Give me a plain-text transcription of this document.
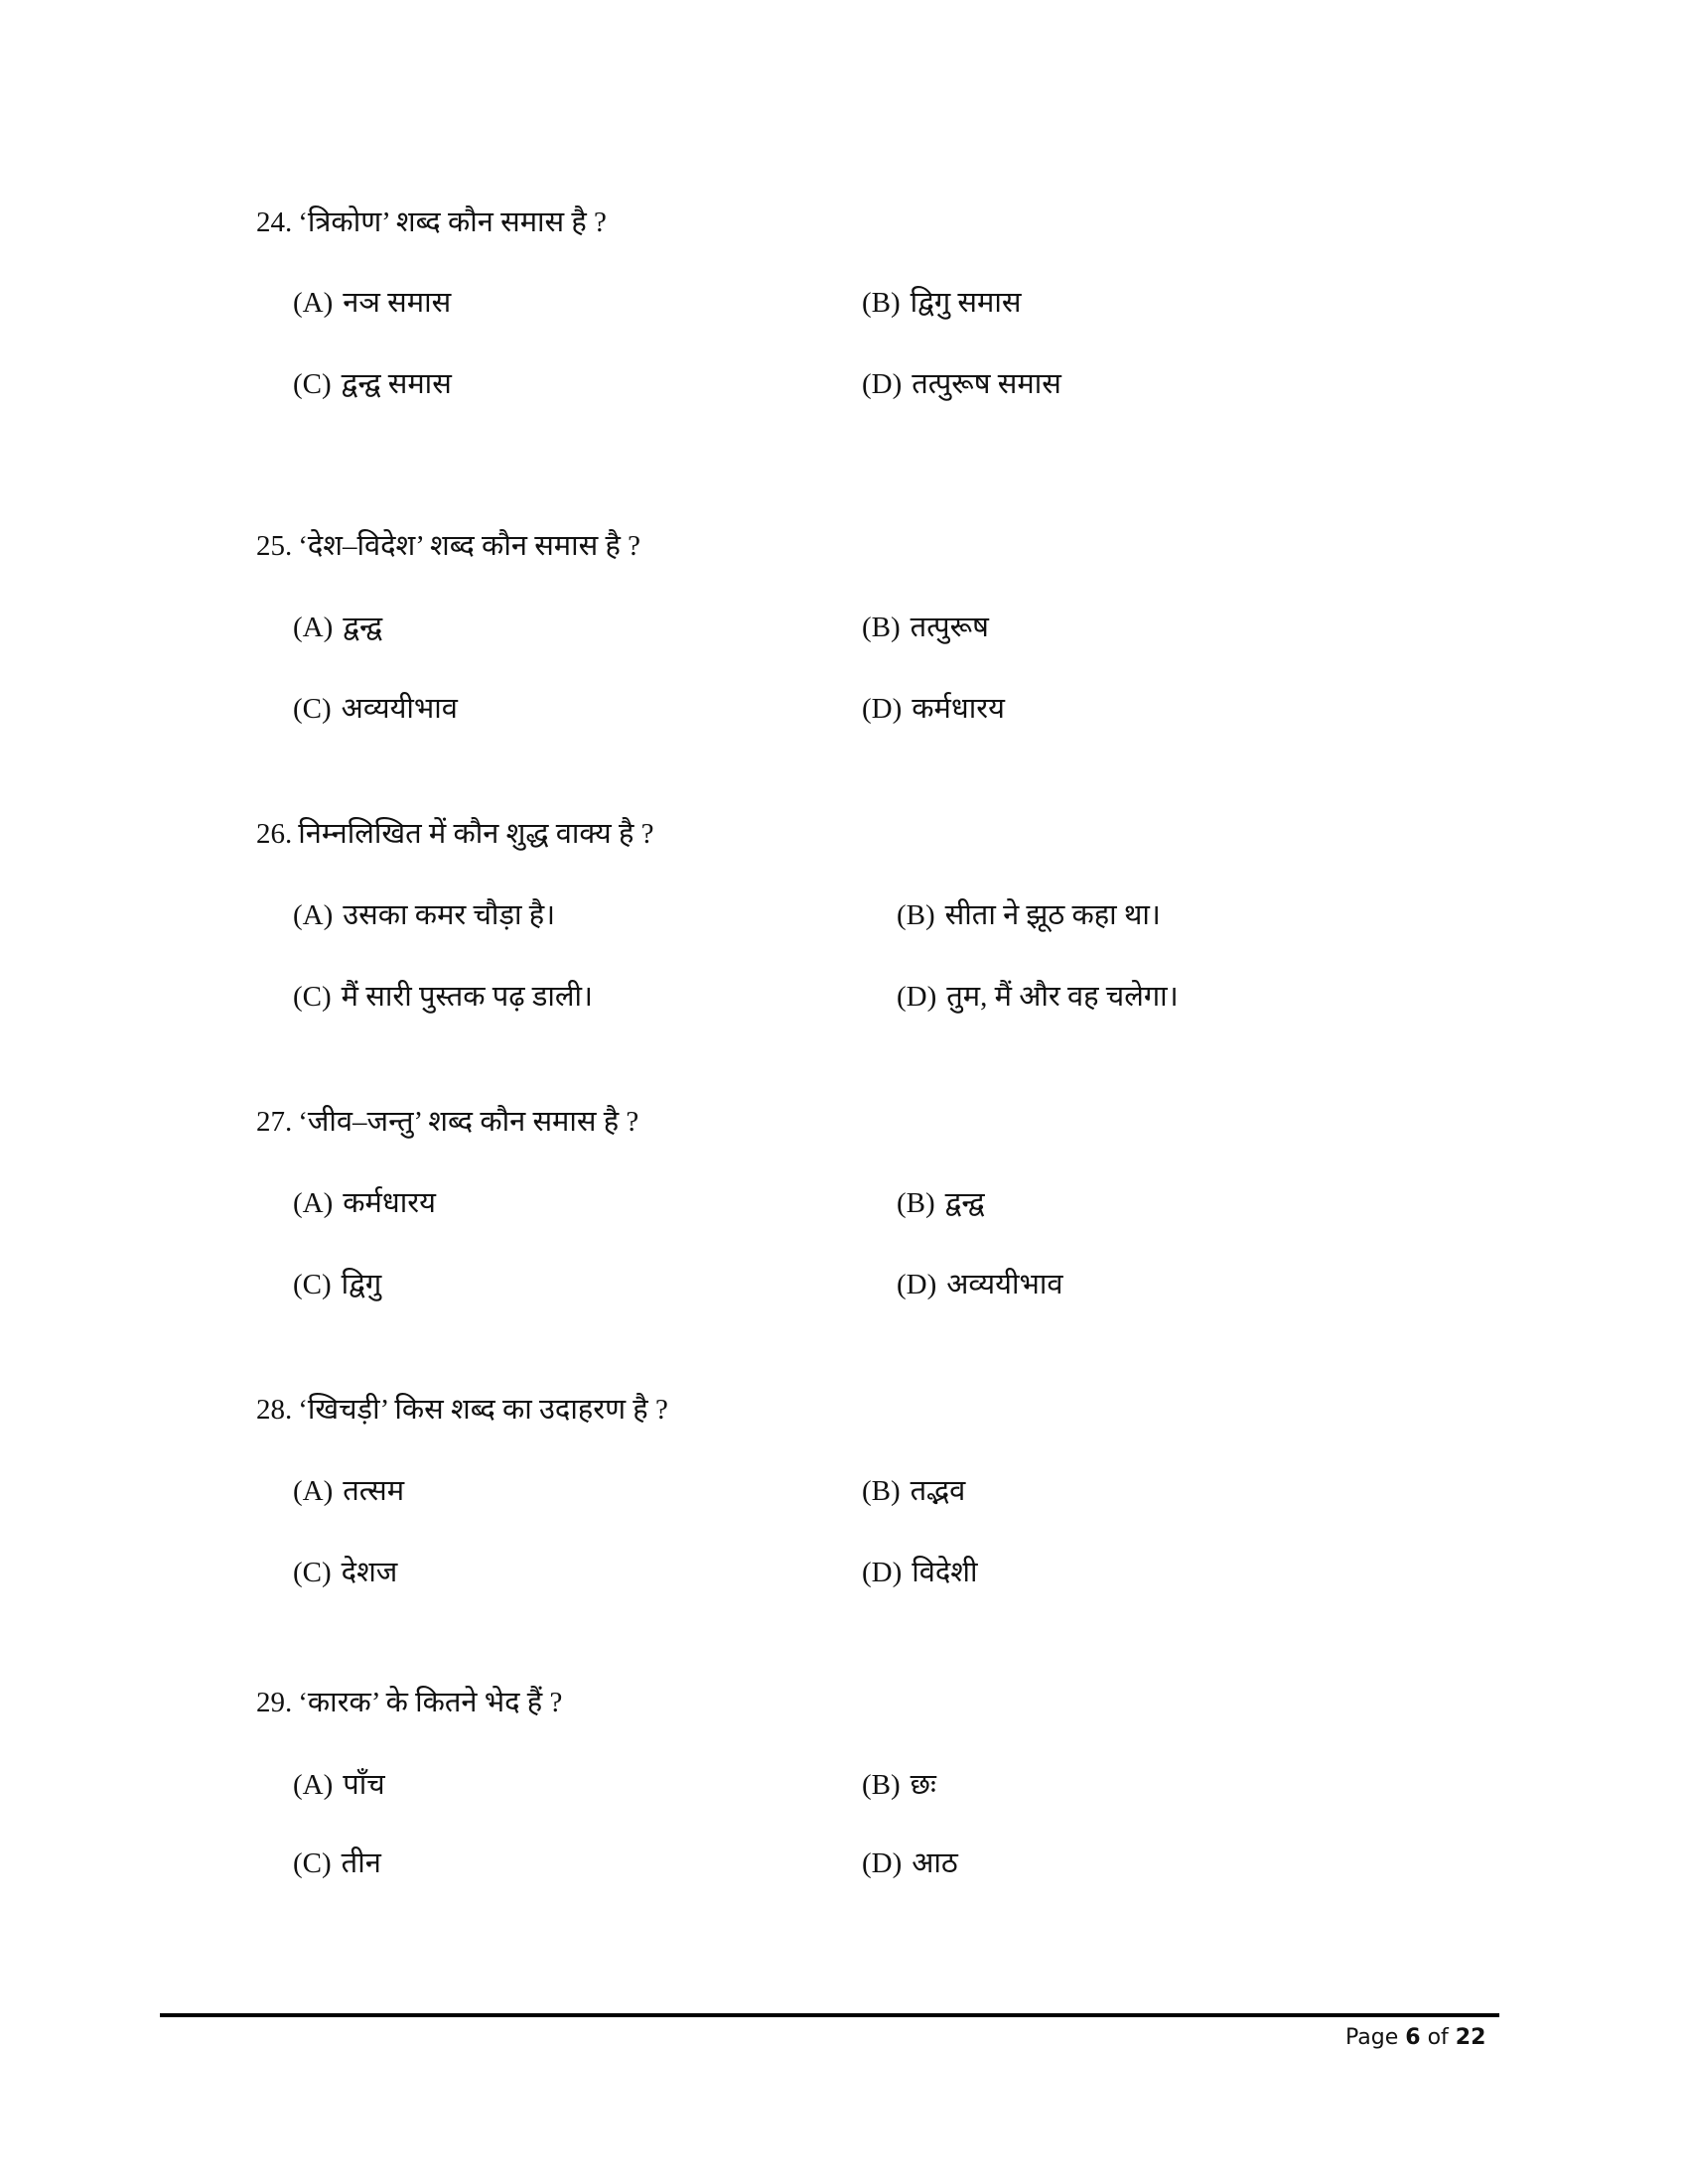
24. ‘त्रिकोण’ शब्द कौन समास है ?
(A) नञ समास	(B) द्विगु समास
(C) द्वन्द्व समास	(D) तत्पुरूष समास
25. ‘देश–विदेश’ शब्द कौन समास है ?
(A) द्वन्द्व	(B) तत्पुरूष
(C) अव्ययीभाव	(D) कर्मधारय
26. निम्नलिखित में कौन शुद्ध वाक्य है ?
(A) उसका कमर चौड़ा है।	(B) सीता ने झूठ कहा था।
(C) मैं सारी पुस्तक पढ़ डाली।	(D) तुम, मैं और वह चलेगा।
27. ‘जीव–जन्तु’ शब्द कौन समास है ?
(A) कर्मधारय	(B) द्वन्द्व
(C) द्विगु	(D) अव्ययीभाव
28. ‘खिचड़ी’ किस शब्द का उदाहरण है ?
(A) तत्सम	(B) तद्भव
(C) देशज	(D) विदेशी
29. ‘कारक’ के कितने भेद हैं ?
(A) पाँच	(B) छः
(C) तीन	(D) आठ
Page 6 of 22
